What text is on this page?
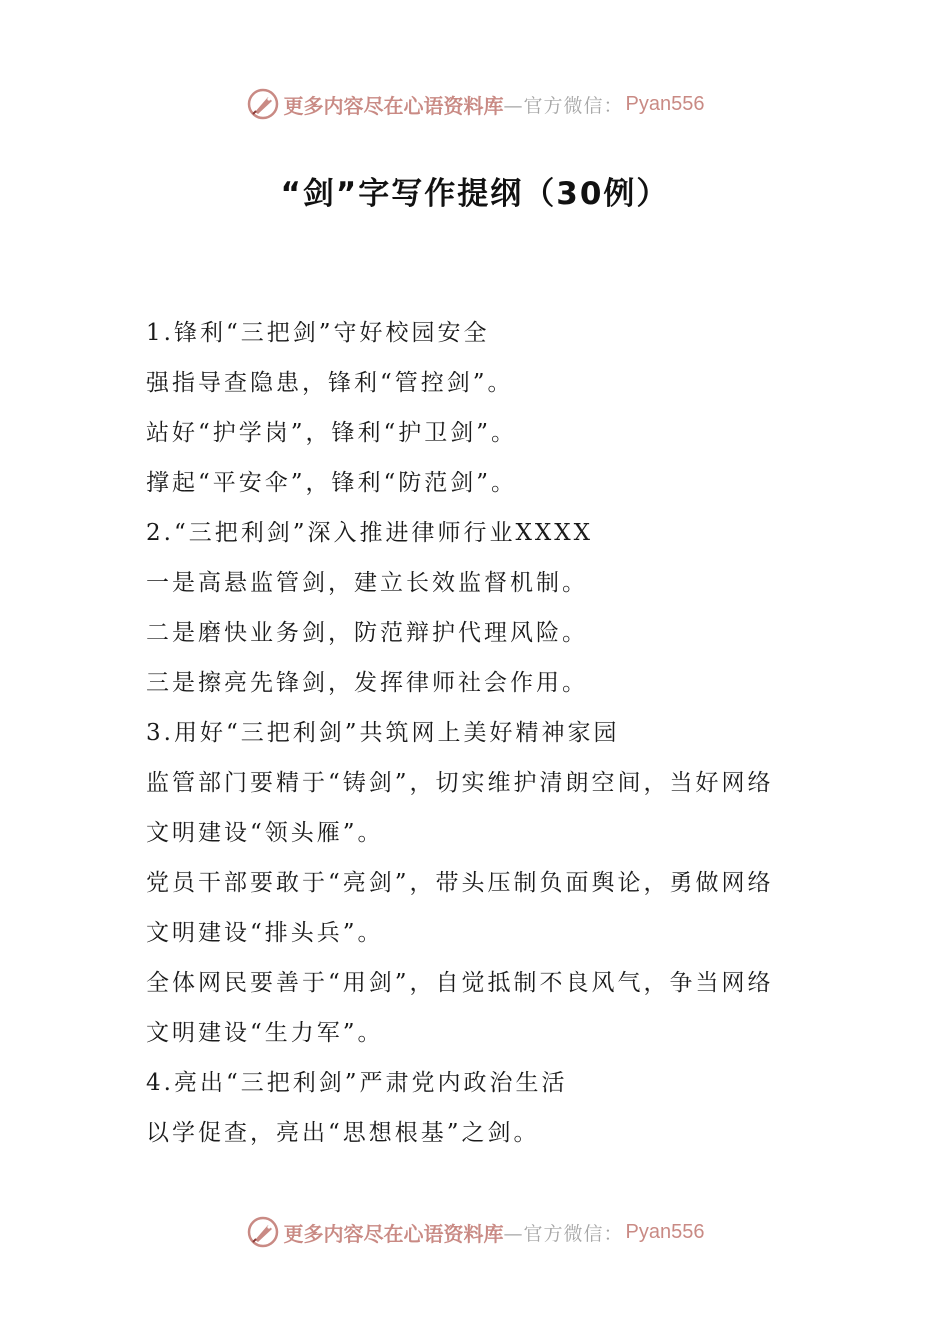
更多内容尽在心语资料库 —官方微信： Pyan556
“剑”字写作提纲（30例）
1.锋利“三把剑”守好校园安全
强指导查隐患，锋利“管控剑”。
站好“护学岗”，锋利“护卫剑”。
撑起“平安伞”，锋利“防范剑”。
2.“三把利剑”深入推进律师行业XXXX
一是高悬监管剑，建立长效监督机制。
二是磨快业务剑，防范辩护代理风险。
三是擦亮先锋剑，发挥律师社会作用。
3.用好“三把利剑”共筑网上美好精神家园
监管部门要精于“铸剑”，切实维护清朗空间，当好网络
文明建设“领头雁”。
党员干部要敢于“亮剑”，带头压制负面舆论，勇做网络
文明建设“排头兵”。
全体网民要善于“用剑”，自觉抵制不良风气，争当网络
文明建设“生力军”。
4.亮出“三把利剑”严肃党内政治生活
以学促查，亮出“思想根基”之剑。
更多内容尽在心语资料库 —官方微信： Pyan556
